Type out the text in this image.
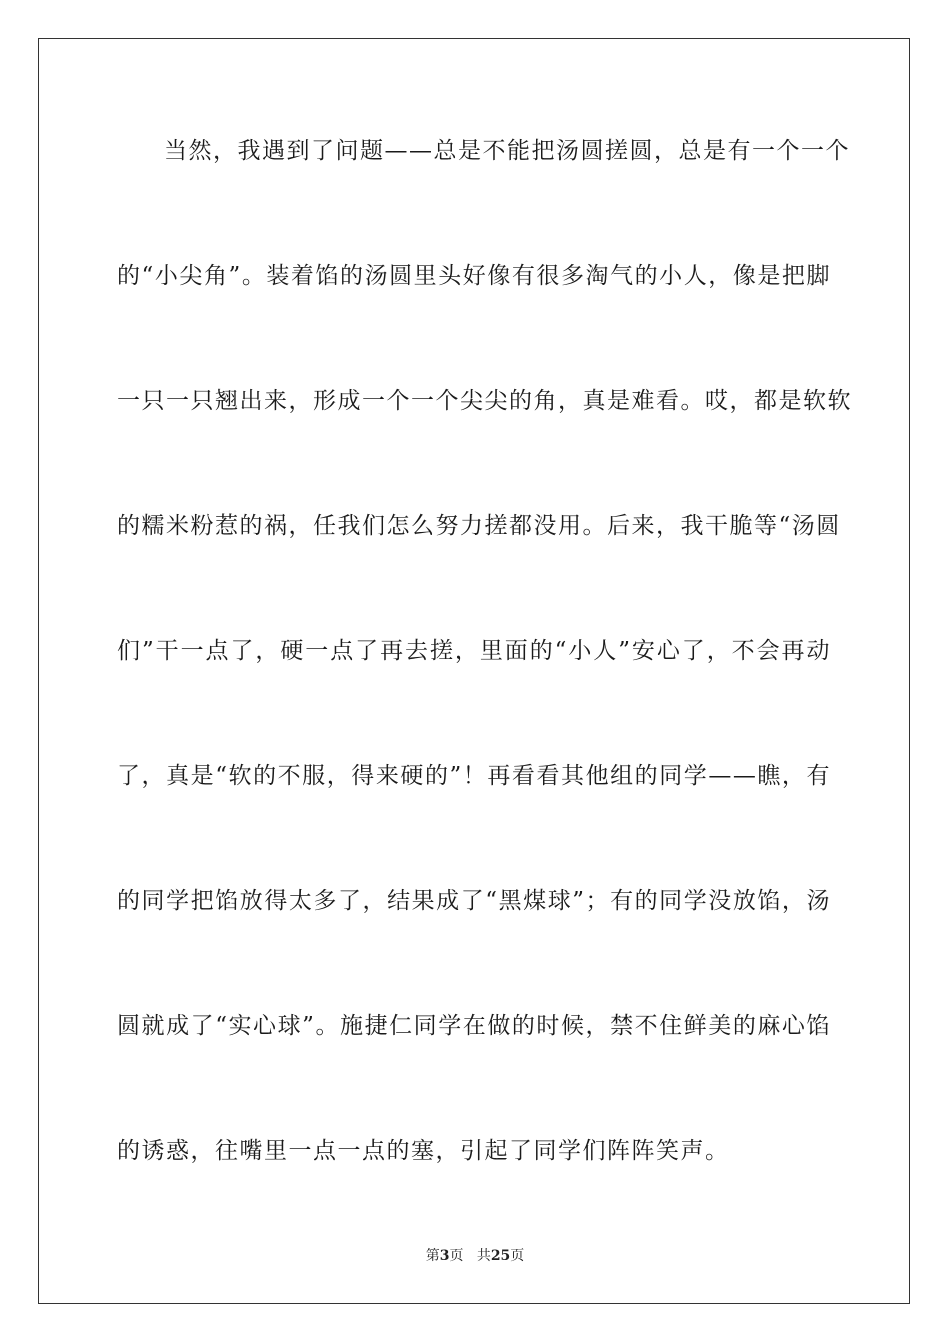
当然，我遇到了问题——总是不能把汤圆搓圆，总是有一个一个
的“小尖角”。装着馅的汤圆里头好像有很多淘气的小人，像是把脚
一只一只翘出来，形成一个一个尖尖的角，真是难看。哎，都是软软
的糯米粉惹的祸，任我们怎么努力搓都没用。后来，我干脆等“汤圆
们”干一点了，硬一点了再去搓，里面的“小人”安心了，不会再动
了，真是“软的不服，得来硬的”！再看看其他组的同学——瞧，有
的同学把馅放得太多了，结果成了“黑煤球”；有的同学没放馅，汤
圆就成了“实心球”。施捷仁同学在做的时候，禁不住鲜美的麻心馅
的诱惑，往嘴里一点一点的塞，引起了同学们阵阵笑声。
第3页 共25页
